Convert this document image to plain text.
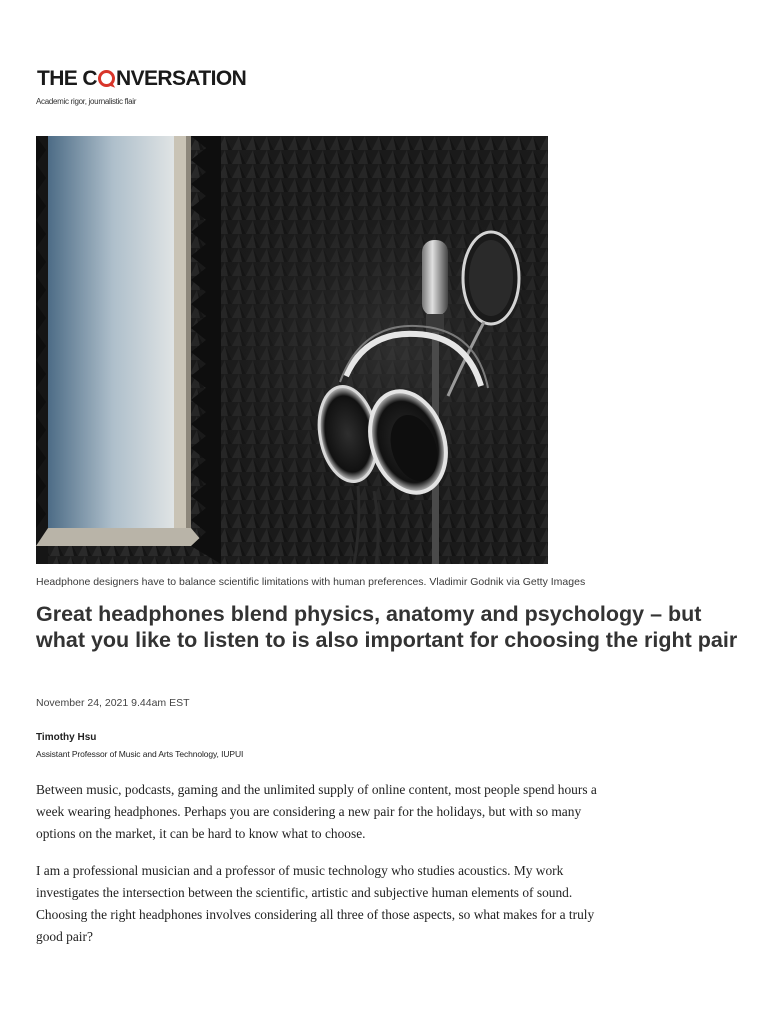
THE C NVERSATION
Academic rigor, journalistic flair
Headphone designers have to balance scientific limitations with human preferences. Vladimir Godnik via Getty Images
Great headphones blend physics, anatomy and psychology – but what you like to listen to is also important for choosing the right pair
November 24, 2021 9.44am EST
Timothy Hsu
Assistant Professor of Music and Arts Technology, IUPUI

Between music, podcasts, gaming and the unlimited supply of online content, most people spend hours a week wearing headphones. Perhaps you are considering a new pair for the holidays, but with so many options on the market, it can be hard to know what to choose.

I am a professional musician and a professor of music technology who studies acoustics. My work investigates the intersection between the scientific, artistic and subjective human elements of sound. Choosing the right headphones involves considering all three of those aspects, so what makes for a truly good pair?
